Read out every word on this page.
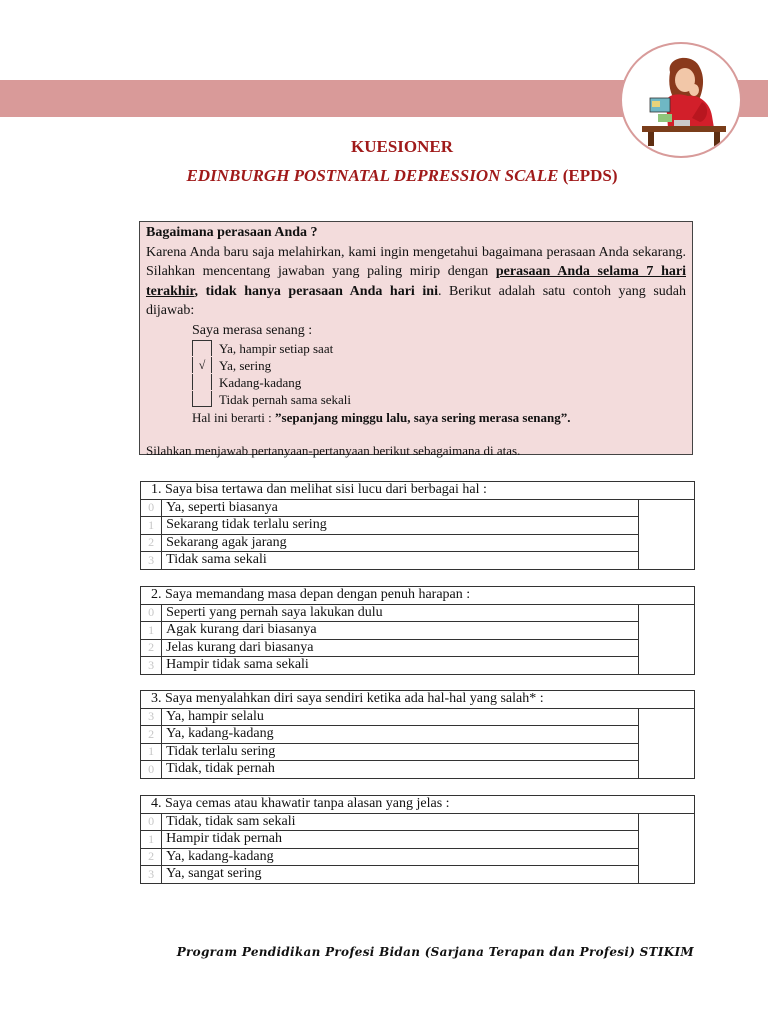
KUESIONER
EDINBURGH POSTNATAL DEPRESSION SCALE (EPDS)
Bagaimana perasaan Anda ?
Karena Anda baru saja melahirkan, kami ingin mengetahui bagaimana perasaan Anda sekarang. Silahkan mencentang jawaban yang paling mirip dengan perasaan Anda selama 7 hari terakhir, tidak hanya perasaan Anda hari ini. Berikut adalah satu contoh yang sudah dijawab:
Saya merasa senang :
Ya, hampir setiap saat
√	Ya, sering
Kadang-kadang
Tidak pernah sama sekali
Hal ini berarti : ”sepanjang minggu lalu, saya sering merasa senang”.
Silahkan menjawab pertanyaan-pertanyaan berikut sebagaimana di atas.
1. Saya bisa tertawa dan melihat sisi lucu dari berbagai hal :		
0	Ya, seperti biasanya	
1	Sekarang tidak terlalu sering	
2	Sekarang agak jarang	
3	Tidak sama sekali	
2. Saya memandang masa depan dengan penuh harapan :		
0	Seperti yang pernah saya lakukan dulu	
1	Agak kurang dari biasanya	
2	Jelas kurang dari biasanya	
3	Hampir tidak sama sekali	
3. Saya menyalahkan diri saya sendiri ketika ada hal-hal yang salah* :		
3	Ya, hampir selalu	
2	Ya, kadang-kadang	
1	Tidak terlalu sering	
0	Tidak, tidak pernah	
4. Saya cemas atau khawatir tanpa alasan yang jelas :		
0	Tidak, tidak sam sekali	
1	Hampir tidak pernah	
2	Ya, kadang-kadang	
3	Ya, sangat sering	
Program Pendidikan Profesi Bidan (Sarjana Terapan dan Profesi) STIKIM
